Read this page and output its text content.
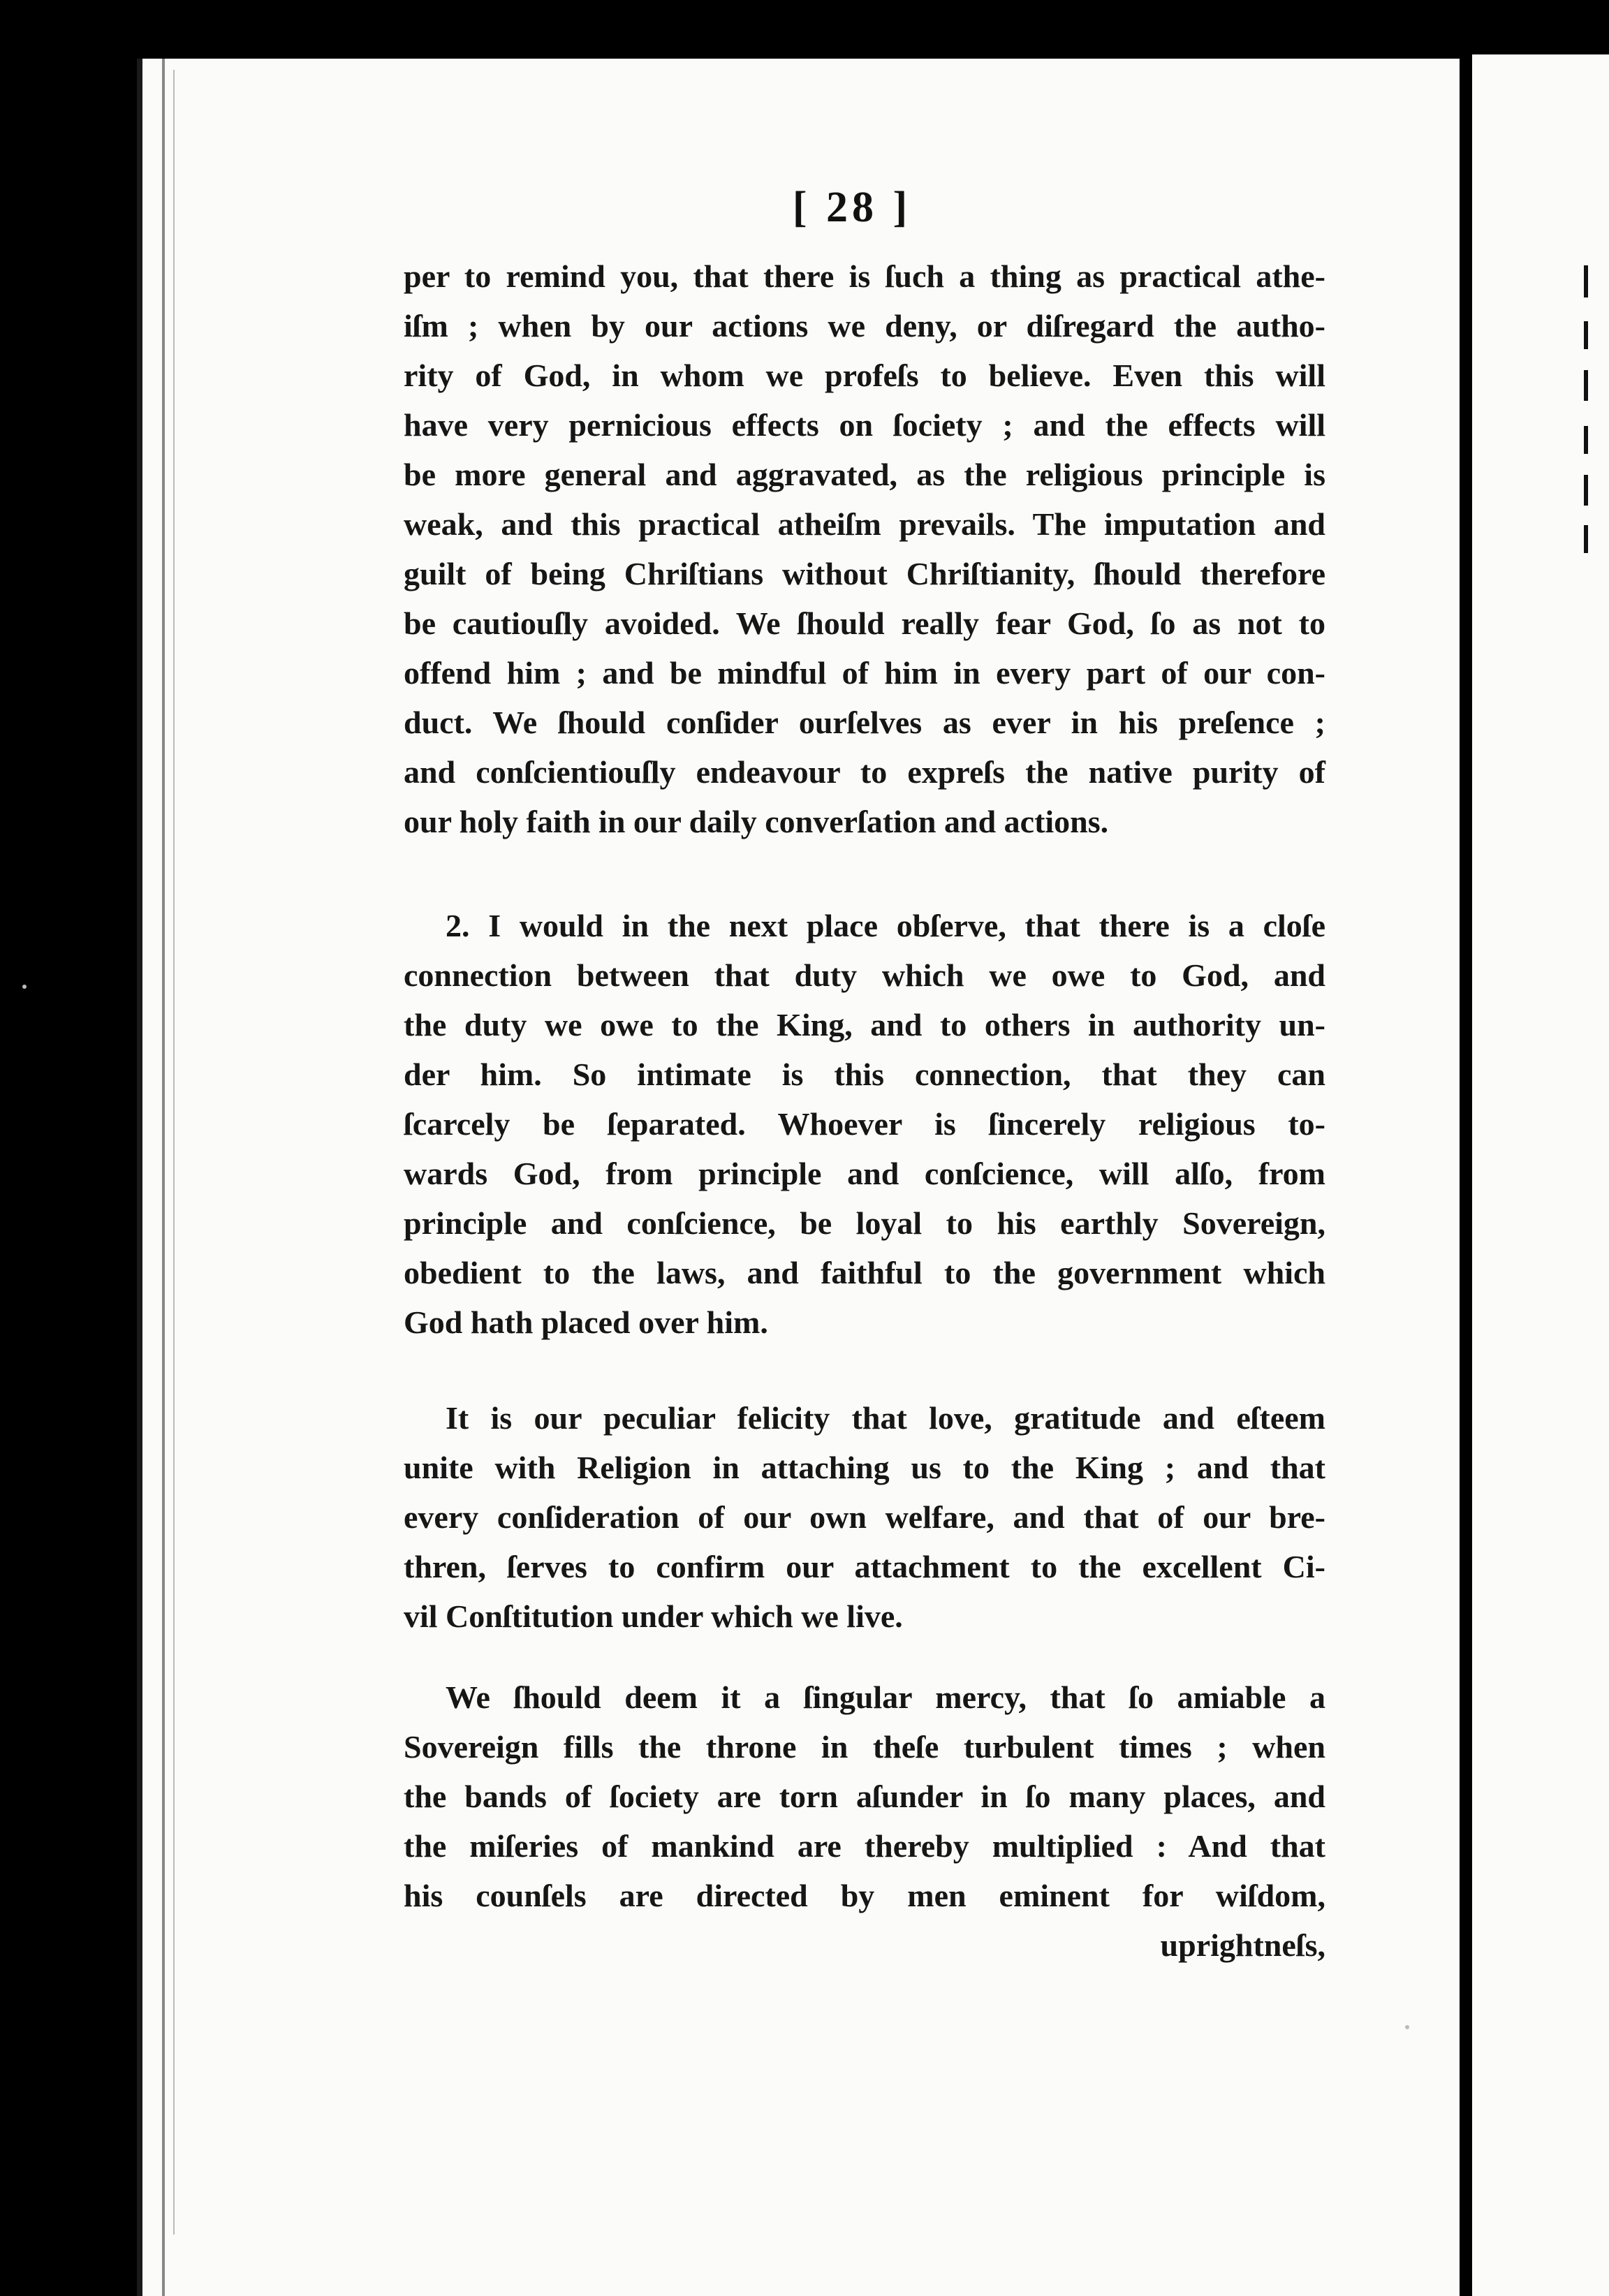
[ 28 ]
per to remind you, that there is ſuch a thing as practical athe-
iſm ; when by our actions we deny, or diſregard the autho-
rity of God, in whom we profeſs to believe. Even this will
have very pernicious effects on ſociety ; and the effects will
be more general and aggravated, as the religious principle is
weak, and this practical atheiſm prevails. The imputation and
guilt of being Chriſtians without Chriſtianity, ſhould therefore
be cautiouſly avoided. We ſhould really fear God, ſo as not to
offend him ; and be mindful of him in every part of our con-
duct. We ſhould conſider ourſelves as ever in his preſence ;
and conſcientiouſly endeavour to expreſs the native purity of
our holy faith in our daily converſation and actions.
2. I would in the next place obſerve, that there is a cloſe
connection between that duty which we owe to God, and
the duty we owe to the King, and to others in authority un-
der him. So intimate is this connection, that they can
ſcarcely be ſeparated. Whoever is ſincerely religious to-
wards God, from principle and conſcience, will alſo, from
principle and conſcience, be loyal to his earthly Sovereign,
obedient to the laws, and faithful to the government which
God hath placed over him.
It is our peculiar felicity that love, gratitude and eſteem
unite with Religion in attaching us to the King ; and that
every conſideration of our own welfare, and that of our bre-
thren, ſerves to confirm our attachment to the excellent Ci-
vil Conſtitution under which we live.
We ſhould deem it a ſingular mercy, that ſo amiable a
Sovereign fills the throne in theſe turbulent times ; when
the bands of ſociety are torn aſunder in ſo many places, and
the miſeries of mankind are thereby multiplied : And that
his counſels are directed by men eminent for wiſdom,
uprightneſs,
